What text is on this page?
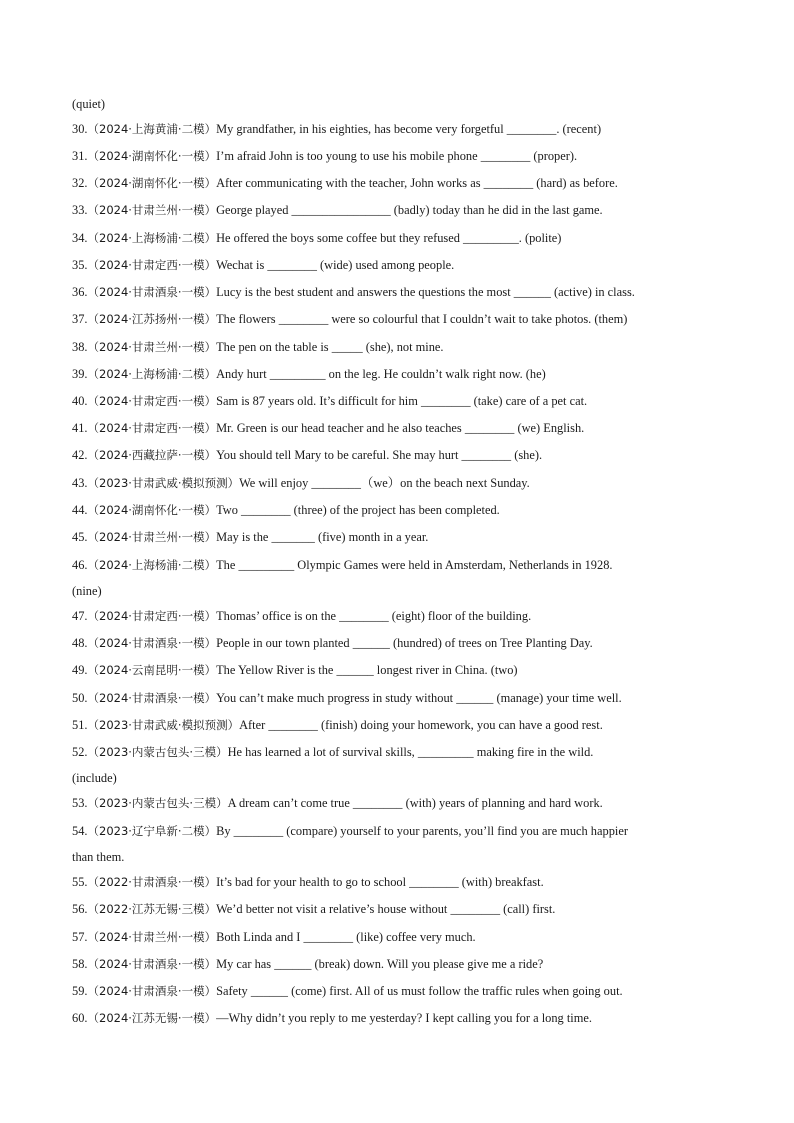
(quiet)
30.（2024·上海黄浦·二模）My grandfather, in his eighties, has become very forgetful ________. (recent)
31.（2024·湖南怀化·一模）I’m afraid John is too young to use his mobile phone ________ (proper).
32.（2024·湖南怀化·一模）After communicating with the teacher, John works as ________ (hard) as before.
33.（2024·甘肃兰州·一模）George played ________________ (badly) today than he did in the last game.
34.（2024·上海杨浦·二模）He offered the boys some coffee but they refused _________. (polite)
35.（2024·甘肃定西·一模）Wechat is ________ (wide) used among people.
36.（2024·甘肃酒泉·一模）Lucy is the best student and answers the questions the most ______ (active) in class.
37.（2024·江苏扬州·一模）The flowers ________ were so colourful that I couldn’t wait to take photos. (them)
38.（2024·甘肃兰州·一模）The pen on the table is _____ (she), not mine.
39.（2024·上海杨浦·二模）Andy hurt _________ on the leg. He couldn’t walk right now. (he)
40.（2024·甘肃定西·一模）Sam is 87 years old. It’s difficult for him ________ (take) care of a pet cat.
41.（2024·甘肃定西·一模）Mr. Green is our head teacher and he also teaches ________ (we) English.
42.（2024·西藏拉萨·一模）You should tell Mary to be careful. She may hurt ________ (she).
43.（2023·甘肃武威·模拟预测）We will enjoy ________（we）on the beach next Sunday.
44.（2024·湖南怀化·一模）Two ________ (three) of the project has been completed.
45.（2024·甘肃兰州·一模）May is the _______ (five) month in a year.
46.（2024·上海杨浦·二模）The _________ Olympic Games were held in Amsterdam, Netherlands in 1928.
(nine)
47.（2024·甘肃定西·一模）Thomas’ office is on the ________ (eight) floor of the building.
48.（2024·甘肃酒泉·一模）People in our town planted ______ (hundred) of trees on Tree Planting Day.
49.（2024·云南昆明·一模）The Yellow River is the ______ longest river in China. (two)
50.（2024·甘肃酒泉·一模）You can’t make much progress in study without ______ (manage) your time well.
51.（2023·甘肃武威·模拟预测）After ________ (finish) doing your homework, you can have a good rest.
52.（2023·内蒙古包头·三模）He has learned a lot of survival skills, _________ making fire in the wild.
(include)
53.（2023·内蒙古包头·三模）A dream can’t come true ________ (with) years of planning and hard work.
54.（2023·辽宁阜新·二模）By ________ (compare) yourself to your parents, you’ll find you are much happier
than them.
55.（2022·甘肃酒泉·一模）It’s bad for your health to go to school ________ (with) breakfast.
56.（2022·江苏无锡·三模）We’d better not visit a relative’s house without ________ (call) first.
57.（2024·甘肃兰州·一模）Both Linda and I ________ (like) coffee very much.
58.（2024·甘肃酒泉·一模）My car has ______ (break) down. Will you please give me a ride?
59.（2024·甘肃酒泉·一模）Safety ______ (come) first. All of us must follow the traffic rules when going out.
60.（2024·江苏无锡·一模）—Why didn’t you reply to me yesterday? I kept calling you for a long time.
